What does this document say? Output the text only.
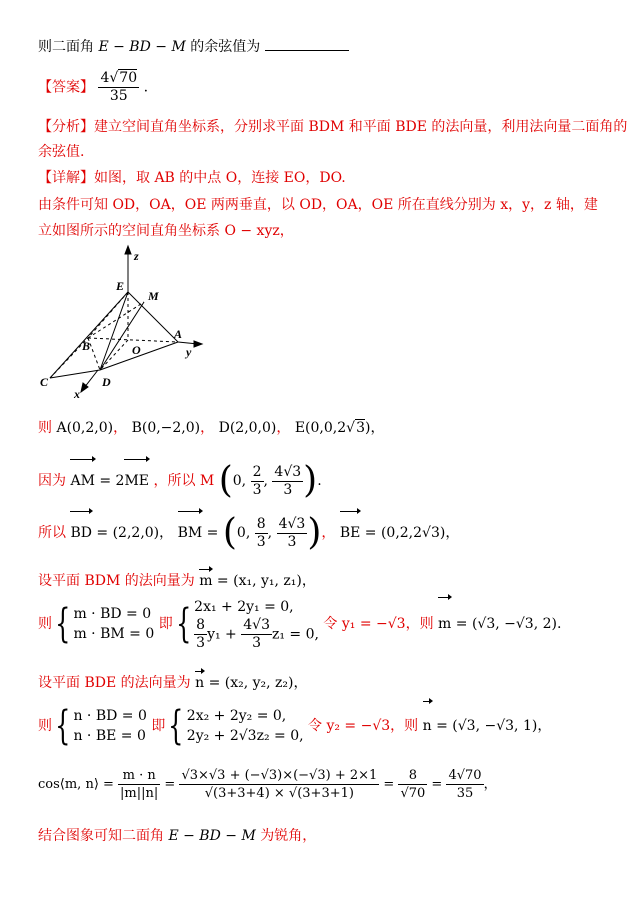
则二面角 E − BD − M 的余弦值为
【答案】 $\frac{4√70}{35}$ .
【分析】建立空间直角坐标系，分别求平面 BDM 和平面 BDE 的法向量，利用法向量二面角的
余弦值.
【详解】如图，取 AB 的中点 O，连接 EO，DO.
由条件可知 OD，OA，OE 两两垂直，以 OD，OA，OE 所在直线分别为 x，y，z 轴，建
立如图所示的空间直角坐标系 O − xyz，
z
E
M
A
y
B	O
C	D
x
则 A(0,2,0)， B(0,−2,0)， D(2,0,0)， E(0,0,2√3)，
因为 AM = 2ME ，所以 M (0, $\frac{2}{3}$ , $\frac{4√3}{3}$ ).
所以 BD = (2,2,0)， BM = (0, $\frac{8}{3}$ , $\frac{4√3}{3}$ )， BE = (0,2,2√3)，
设平面 BDM 的法向量为 m = (x₁, y₁, z₁)，
则{ m · BD = 0
m · BM = 0
即{ 2x₁ + 2y₁ = 0,
$\frac{8}{3} y_1 + \frac{4√3}{3} z_1 = 0$,
令 y₁ = −√3，则 m = (√3, −√3, 2).
设平面 BDE 的法向量为 n = (x₂, y₂, z₂)，
则{ n · BD = 0
n · BE = 0
即{ 2x₂ + 2y₂ = 0,
2y₂ + 2√3z₂ = 0,
令 y₂ = −√3，则 n = (√3, −√3, 1)，
cos⟨m, n⟩ = $\frac{m \cdot n}{|m||n|} = \frac{√3\times√3 + (-√3)\times(-√3) + 2\times 1}{√(3+3+4) \times √(3+3+1)} = \frac{8}{√70} = \frac{4√70}{35}$ ，
结合图象可知二面角 E − BD − M 为锐角，
